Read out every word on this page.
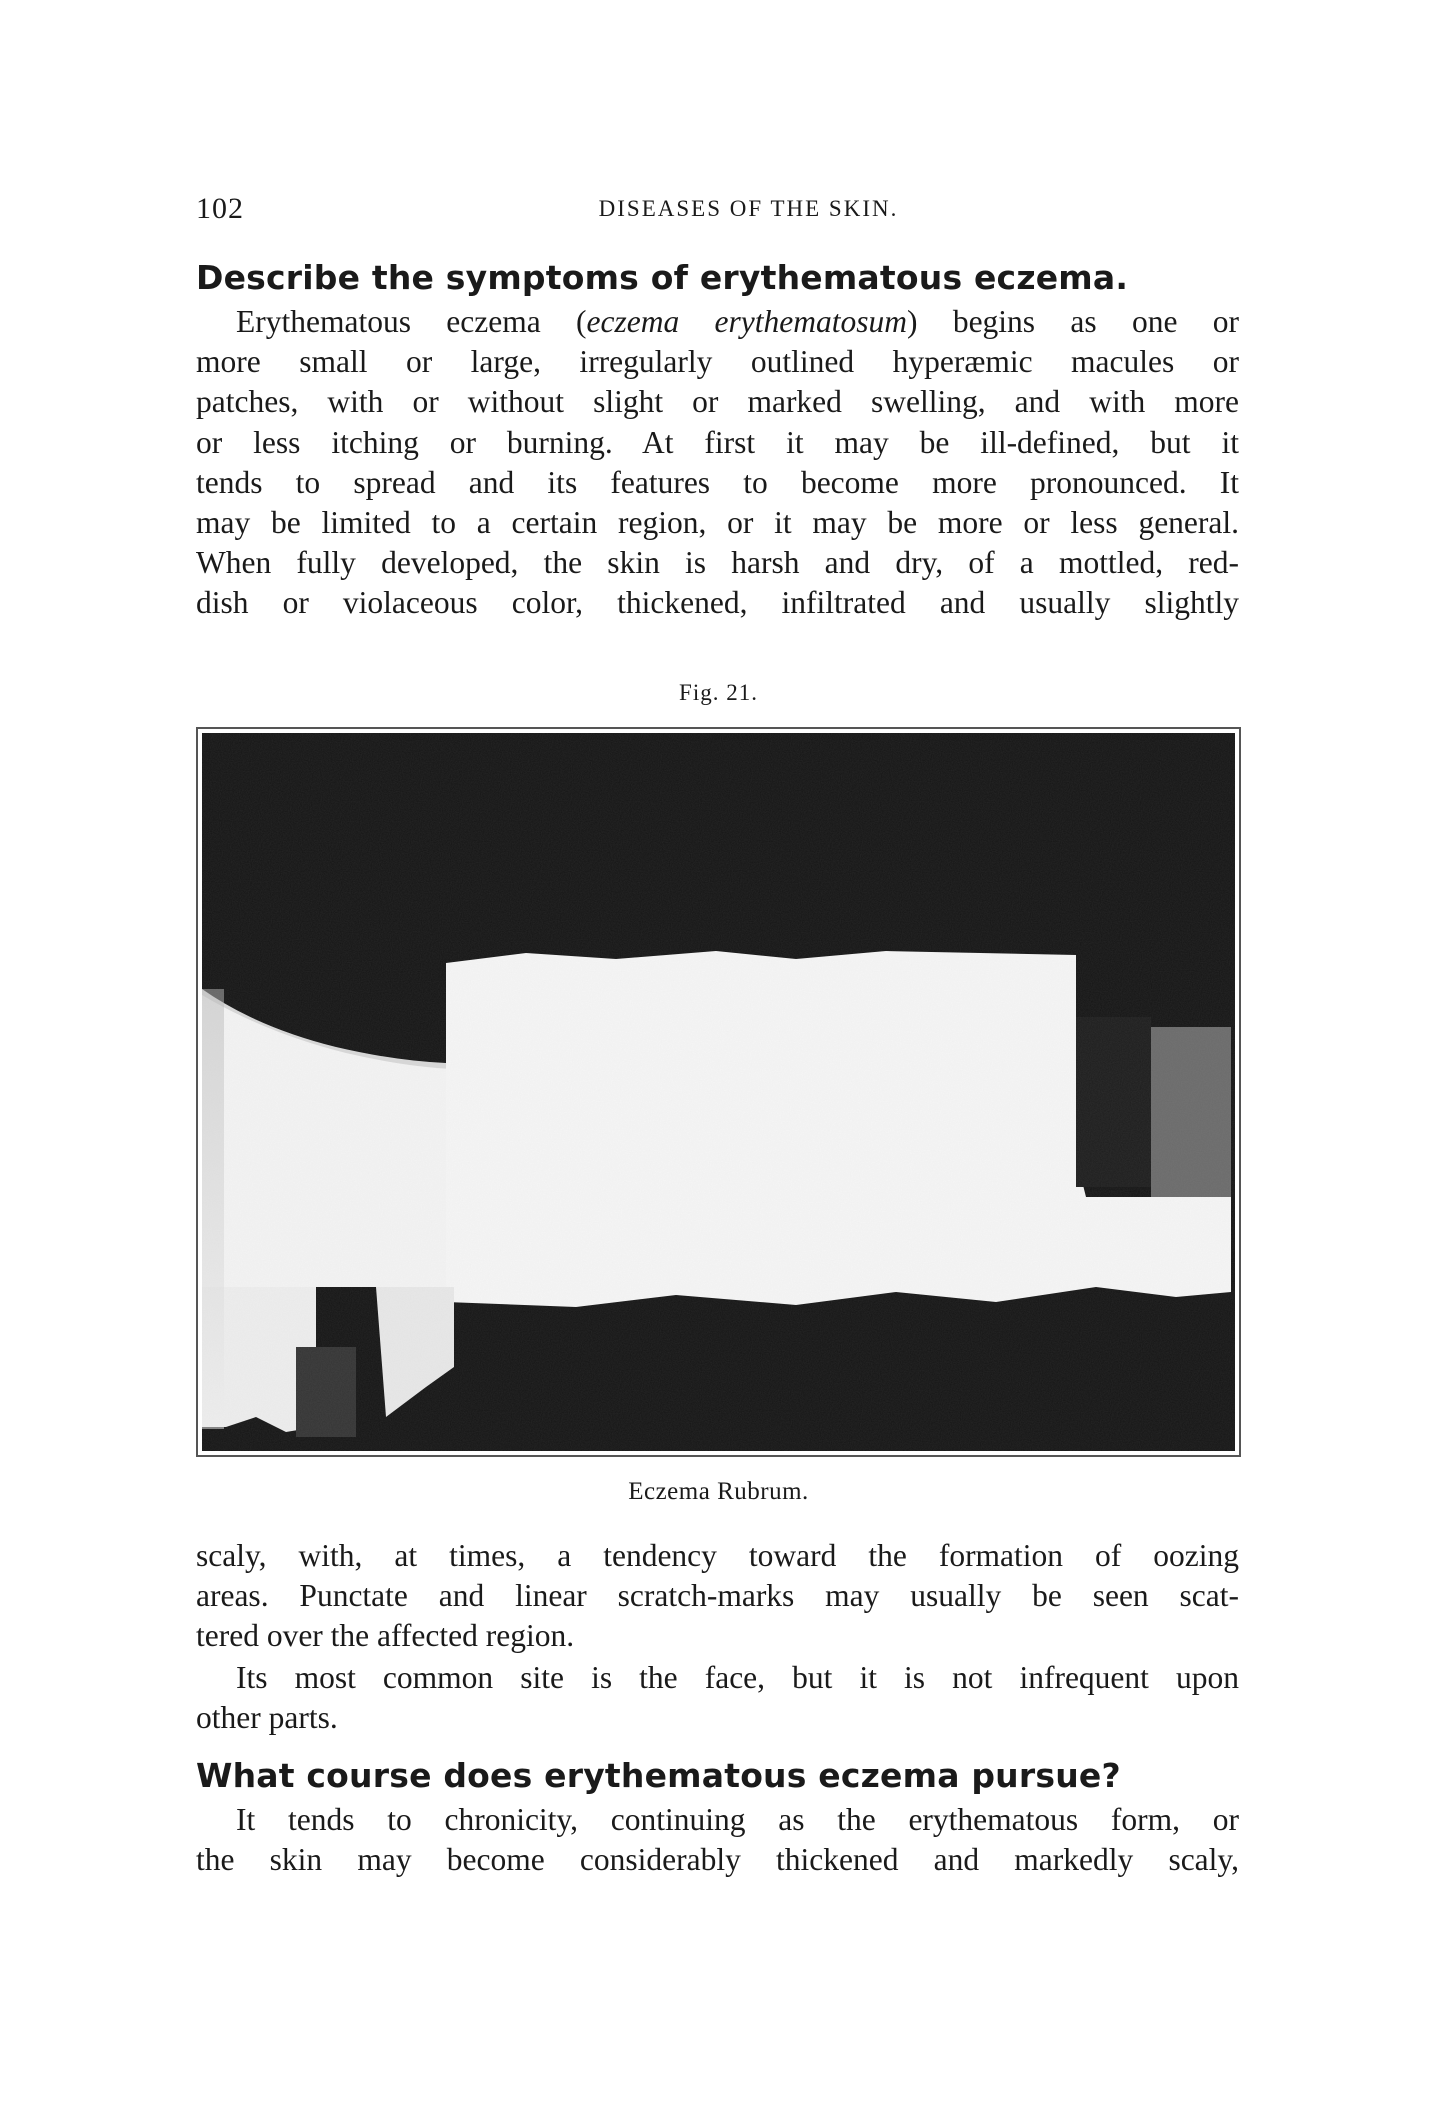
102	DISEASES OF THE SKIN.
Describe the symptoms of erythematous eczema.
Erythematous eczema (eczema erythematosum) begins as one or
more small or large, irregularly outlined hyperæmic macules or
patches, with or without slight or marked swelling, and with more
or less itching or burning. At first it may be ill-defined, but it
tends to spread and its features to become more pronounced. It
may be limited to a certain region, or it may be more or less general.
When fully developed, the skin is harsh and dry, of a mottled, red-
dish or violaceous color, thickened, infiltrated and usually slightly
Fig. 21.
Eczema Rubrum.
scaly, with, at times, a tendency toward the formation of oozing
areas. Punctate and linear scratch-marks may usually be seen scat-
tered over the affected region.
Its most common site is the face, but it is not infrequent upon
other parts.
What course does erythematous eczema pursue?
It tends to chronicity, continuing as the erythematous form, or
the skin may become considerably thickened and markedly scaly,
